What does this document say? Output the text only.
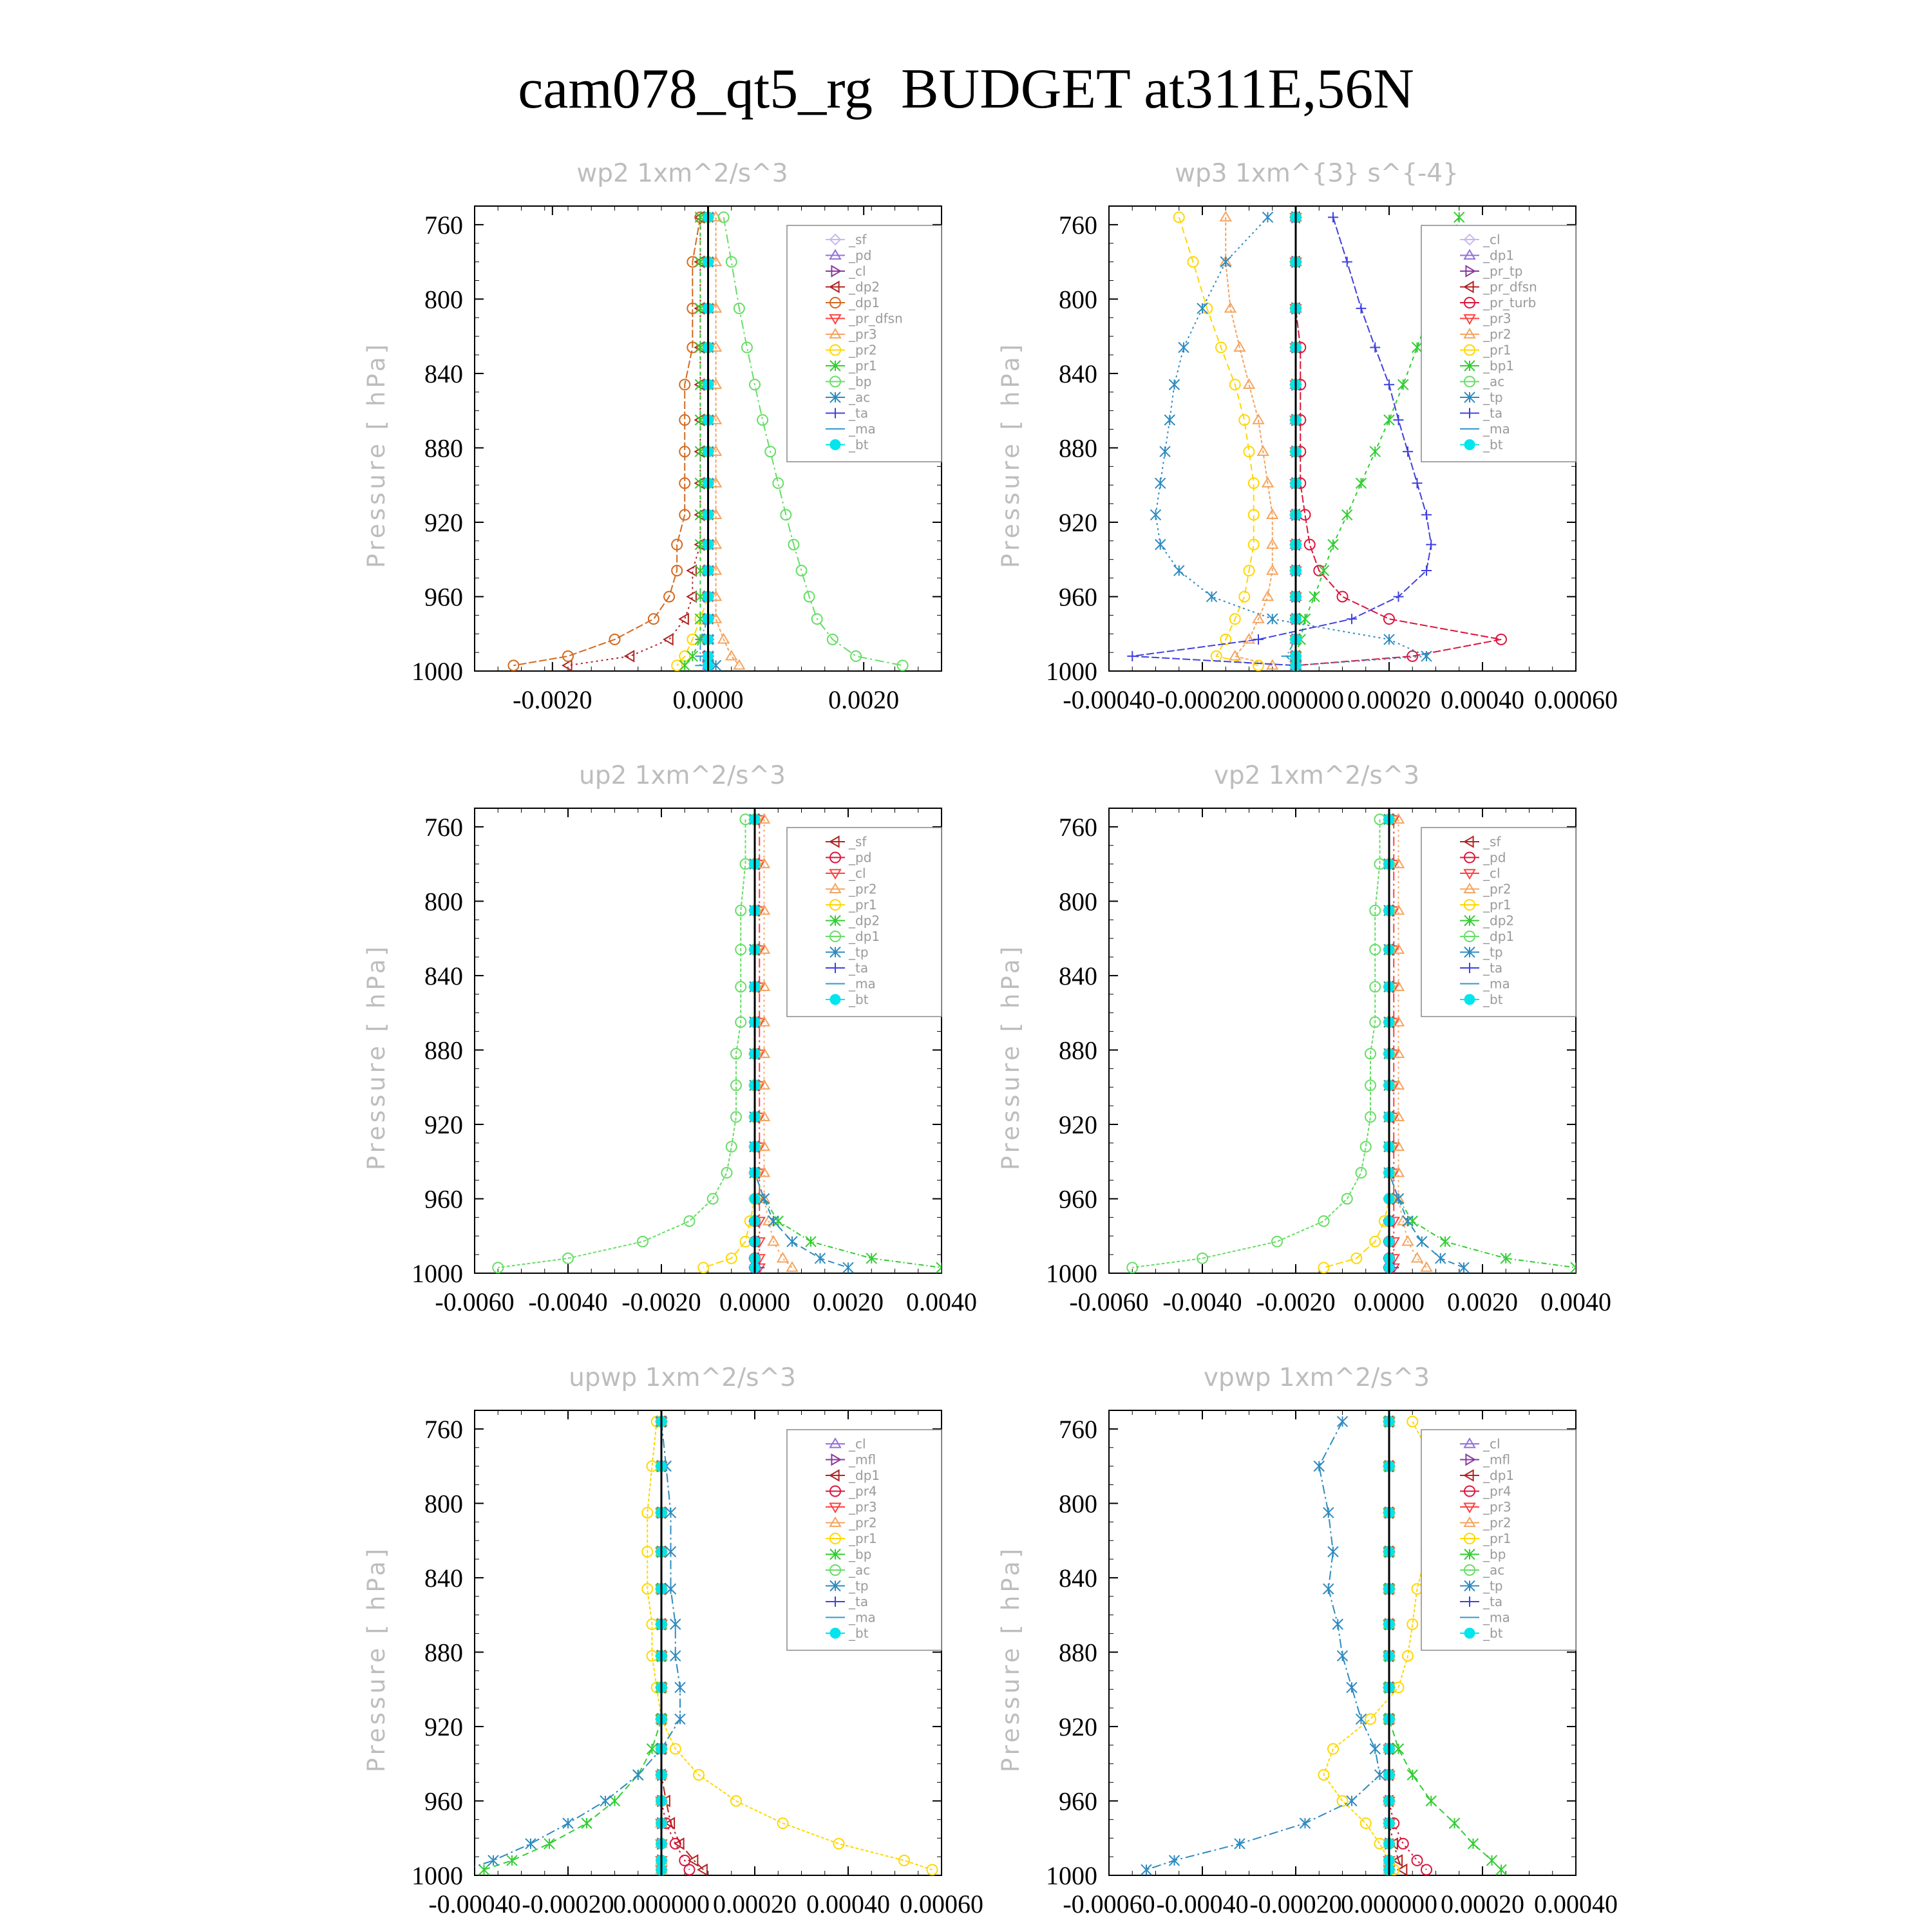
cam078_qt5_rg  BUDGET at311E,56N
wp2 1xm^2/s^3
Pressure [ hPa]
760
800
840
880
920
960
1000
-0.0020	0.0000	0.0020
_sf
_pd
_cl
_dp2
_dp1
_pr_dfsn
_pr3
_pr2
_pr1
_bp
_ac
_ta
_ma
_bt
wp3 1xm^{3} s^{-4}
Pressure [ hPa]
760
800
840
880
920
960
1000
-0.00040 -0.00020
0.000000 0.00020 0.00040 0.00060
_cl
_dp1
_pr_tp
_pr_dfsn
_pr_turb
_pr3
_pr2
_pr1
_bp1
_ac
_tp
_ta
_ma
_bt
up2 1xm^2/s^3
Pressure [ hPa]
760
800
840
880
920
960
1000
-0.0060 -0.0040 -0.0020 0.0000 0.0020 0.0040
_sf
_pd
_cl
_pr2
_pr1
_dp2
_dp1
_tp
_ta
_ma
_bt
vp2 1xm^2/s^3
Pressure [ hPa]
760
800
840
880
920
960
1000
-0.0060 -0.0040 -0.0020 0.0000 0.0020 0.0040
_sf
_pd
_cl
_pr2
_pr1
_dp2
_dp1
_tp
_ta
_ma
_bt
upwp 1xm^2/s^3
Pressure [ hPa]
760
800
840
880
920
960
1000
-0.00040 -0.00020
0.000000 0.00020 0.00040 0.00060
_cl
_mfl
_dp1
_pr4
_pr3
_pr2
_pr1
_bp
_ac
_tp
_ta
_ma
_bt
vpwp 1xm^2/s^3
Pressure [ hPa]
760
800
840
880
920
960
1000
-0.00060 -0.00040 -0.00020
0.000000 0.00020 0.00040
_cl
_mfl
_dp1
_pr4
_pr3
_pr2
_pr1
_bp
_ac
_tp
_ta
_ma
_bt
